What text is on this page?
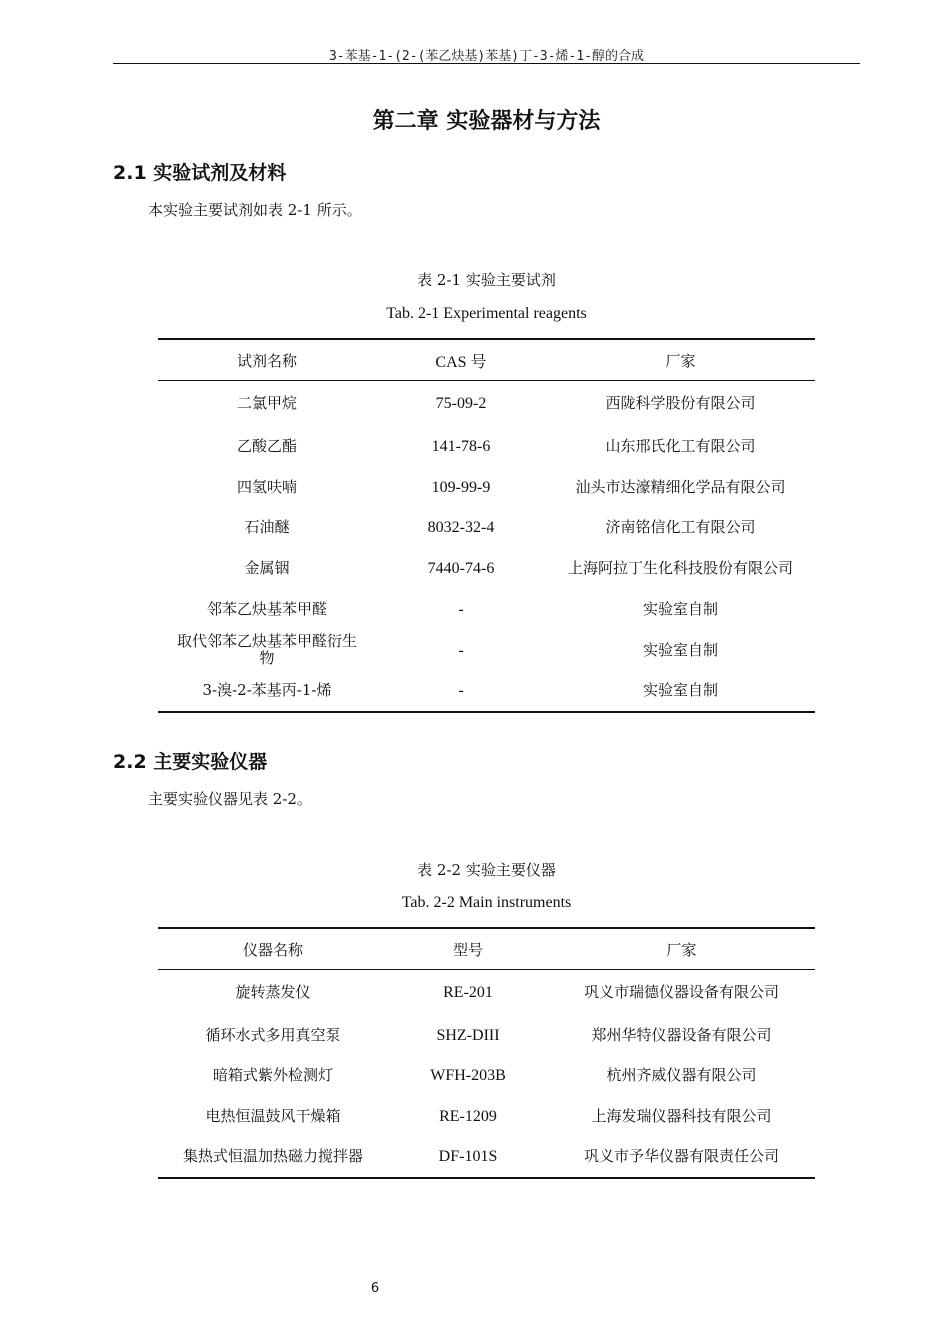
3-苯基-1-(2-(苯乙炔基)苯基)丁-3-烯-1-醇的合成
第二章 实验器材与方法
2.1 实验试剂及材料
本实验主要试剂如表 2-1 所示。
表 2-1 实验主要试剂
Tab. 2-1 Experimental reagents
试剂名称	CAS 号	厂家

二氯甲烷	75-09-2	西陇科学股份有限公司

乙酸乙酯	141-78-6	山东邢氏化工有限公司

四氢呋喃	109-99-9	汕头市达濠精细化学品有限公司

石油醚	8032-32-4	济南铭信化工有限公司

金属铟	7440-74-6	上海阿拉丁生化科技股份有限公司

邻苯乙炔基苯甲醛	-	实验室自制

取代邻苯乙炔基苯甲醛衍生物	-	实验室自制

3-溴-2-苯基丙-1-烯	-	实验室自制
2.2 主要实验仪器
主要实验仪器见表 2-2。
表 2-2 实验主要仪器
Tab. 2-2 Main instruments
仪器名称	型号	厂家
旋转蒸发仪	RE-201	巩义市瑞德仪器设备有限公司
循环水式多用真空泵	SHZ-DIII	郑州华特仪器设备有限公司
暗箱式紫外检测灯	WFH-203B	杭州齐威仪器有限公司
电热恒温鼓风干燥箱	RE-1209	上海发瑞仪器科技有限公司
集热式恒温加热磁力搅拌器	DF-101S	巩义市予华仪器有限责任公司
6
